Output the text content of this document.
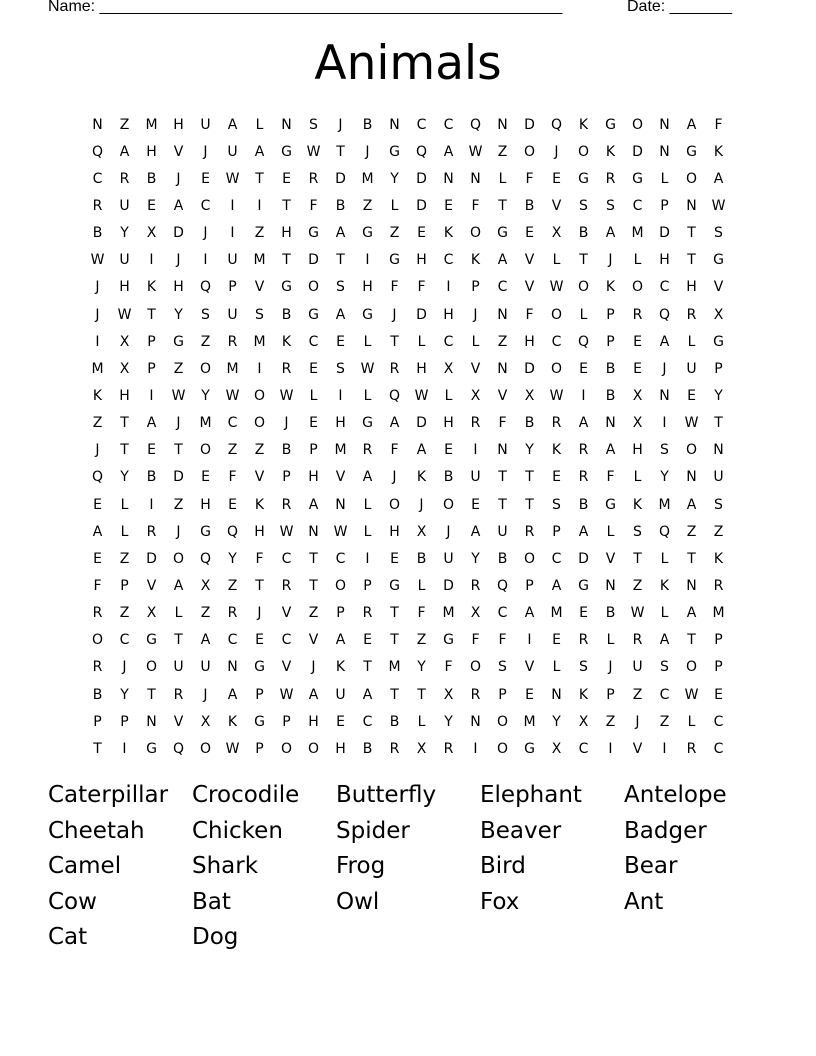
Name: ____________________________________________________	Date: _______
Animals
N	Z	M	H	U	A	L	N	S	J	B	N	C	C	Q	N	D	Q	K	G	O	N	A	F
Q	A	H	V	J	U	A	G	W	T	J	G	Q	A	W	Z	O	J	O	K	D	N	G	K
C	R	B	J	E	W	T	E	R	D	M	Y	D	N	N	L	F	E	G	R	G	L	O	A
R	U	E	A	C	I	I	T	F	B	Z	L	D	E	F	T	B	V	S	S	C	P	N	W
B	Y	X	D	J	I	Z	H	G	A	G	Z	E	K	O	G	E	X	B	A	M	D	T	S
W	U	I	J	I	U	M	T	D	T	I	G	H	C	K	A	V	L	T	J	L	H	T	G
J	H	K	H	Q	P	V	G	O	S	H	F	F	I	P	C	V	W	O	K	O	C	H	V
J	W	T	Y	S	U	S	B	G	A	G	J	D	H	J	N	F	O	L	P	R	Q	R	X
I	X	P	G	Z	R	M	K	C	E	L	T	L	C	L	Z	H	C	Q	P	E	A	L	G
M	X	P	Z	O	M	I	R	E	S	W	R	H	X	V	N	D	O	E	B	E	J	U	P
K	H	I	W	Y	W	O	W	L	I	L	Q	W	L	X	V	X	W	I	B	X	N	E	Y
Z	T	A	J	M	C	O	J	E	H	G	A	D	H	R	F	B	R	A	N	X	I	W	T
J	T	E	T	O	Z	Z	B	P	M	R	F	A	E	I	N	Y	K	R	A	H	S	O	N
Q	Y	B	D	E	F	V	P	H	V	A	J	K	B	U	T	T	E	R	F	L	Y	N	U
E	L	I	Z	H	E	K	R	A	N	L	O	J	O	E	T	T	S	B	G	K	M	A	S
A	L	R	J	G	Q	H	W	N	W	L	H	X	J	A	U	R	P	A	L	S	Q	Z	Z
E	Z	D	O	Q	Y	F	C	T	C	I	E	B	U	Y	B	O	C	D	V	T	L	T	K
F	P	V	A	X	Z	T	R	T	O	P	G	L	D	R	Q	P	A	G	N	Z	K	N	R
R	Z	X	L	Z	R	J	V	Z	P	R	T	F	M	X	C	A	M	E	B	W	L	A	M
O	C	G	T	A	C	E	C	V	A	E	T	Z	G	F	F	I	E	R	L	R	A	T	P
R	J	O	U	U	N	G	V	J	K	T	M	Y	F	O	S	V	L	S	J	U	S	O	P
B	Y	T	R	J	A	P	W	A	U	A	T	T	X	R	P	E	N	K	P	Z	C	W	E
P	P	N	V	X	K	G	P	H	E	C	B	L	Y	N	O	M	Y	X	Z	J	Z	L	C
T	I	G	Q	O	W	P	O	O	H	B	R	X	R	I	O	G	X	C	I	V	I	R	C
Caterpillar	Crocodile	Butterfly	Elephant	Antelope
Cheetah	Chicken	Spider	Beaver	Badger
Camel	Shark	Frog	Bird	Bear
Cow	Bat	Owl	Fox	Ant
Cat	Dog
